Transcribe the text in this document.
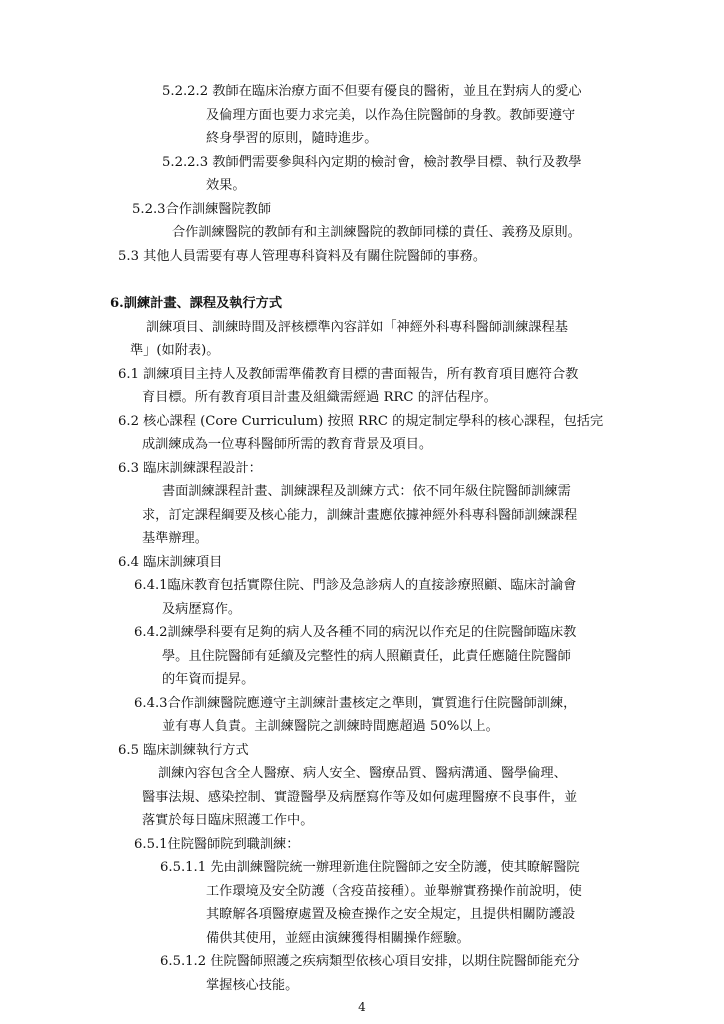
5.2.2.2 教師在臨床治療方面不但要有優良的醫術，並且在對病人的愛心
及倫理方面也要力求完美，以作為住院醫師的身教。教師要遵守
終身學習的原則，隨時進步。
5.2.2.3 教師們需要參與科內定期的檢討會，檢討教學目標、執行及教學
效果。
5.2.3合作訓練醫院教師
合作訓練醫院的教師有和主訓練醫院的教師同樣的責任、義務及原則。
5.3 其他人員需要有專人管理專科資料及有關住院醫師的事務。
6.訓練計畫、課程及執行方式
訓練項目、訓練時間及評核標準內容詳如「神經外科專科醫師訓練課程基
準」(如附表)。
6.1 訓練項目主持人及教師需準備教育目標的書面報告，所有教育項目應符合教
育目標。所有教育項目計畫及組織需經過 RRC 的評估程序。
6.2 核心課程 (Core Curriculum) 按照 RRC 的規定制定學科的核心課程，包括完
成訓練成為一位專科醫師所需的教育背景及項目。
6.3 臨床訓練課程設計：
書面訓練課程計畫、訓練課程及訓練方式：依不同年級住院醫師訓練需
求，訂定課程綱要及核心能力，訓練計畫應依據神經外科專科醫師訓練課程
基準辦理。
6.4 臨床訓練項目
6.4.1臨床教育包括實際住院、門診及急診病人的直接診療照顧、臨床討論會
及病歷寫作。
6.4.2訓練學科要有足夠的病人及各種不同的病況以作充足的住院醫師臨床教
學。且住院醫師有延續及完整性的病人照顧責任，此責任應隨住院醫師
的年資而提昇。
6.4.3合作訓練醫院應遵守主訓練計畫核定之準則，實質進行住院醫師訓練，
並有專人負責。主訓練醫院之訓練時間應超過 50%以上。
6.5 臨床訓練執行方式
訓練內容包含全人醫療、病人安全、醫療品質、醫病溝通、醫學倫理、
醫事法規、感染控制、實證醫學及病歷寫作等及如何處理醫療不良事件，並
落實於每日臨床照護工作中。
6.5.1住院醫師院到職訓練：
6.5.1.1 先由訓練醫院統一辦理新進住院醫師之安全防護，使其瞭解醫院
工作環境及安全防護（含疫苗接種）。並舉辦實務操作前說明，使
其瞭解各項醫療處置及檢查操作之安全規定，且提供相關防護設
備供其使用，並經由演練獲得相關操作經驗。
6.5.1.2 住院醫師照護之疾病類型依核心項目安排，以期住院醫師能充分
掌握核心技能。
4
